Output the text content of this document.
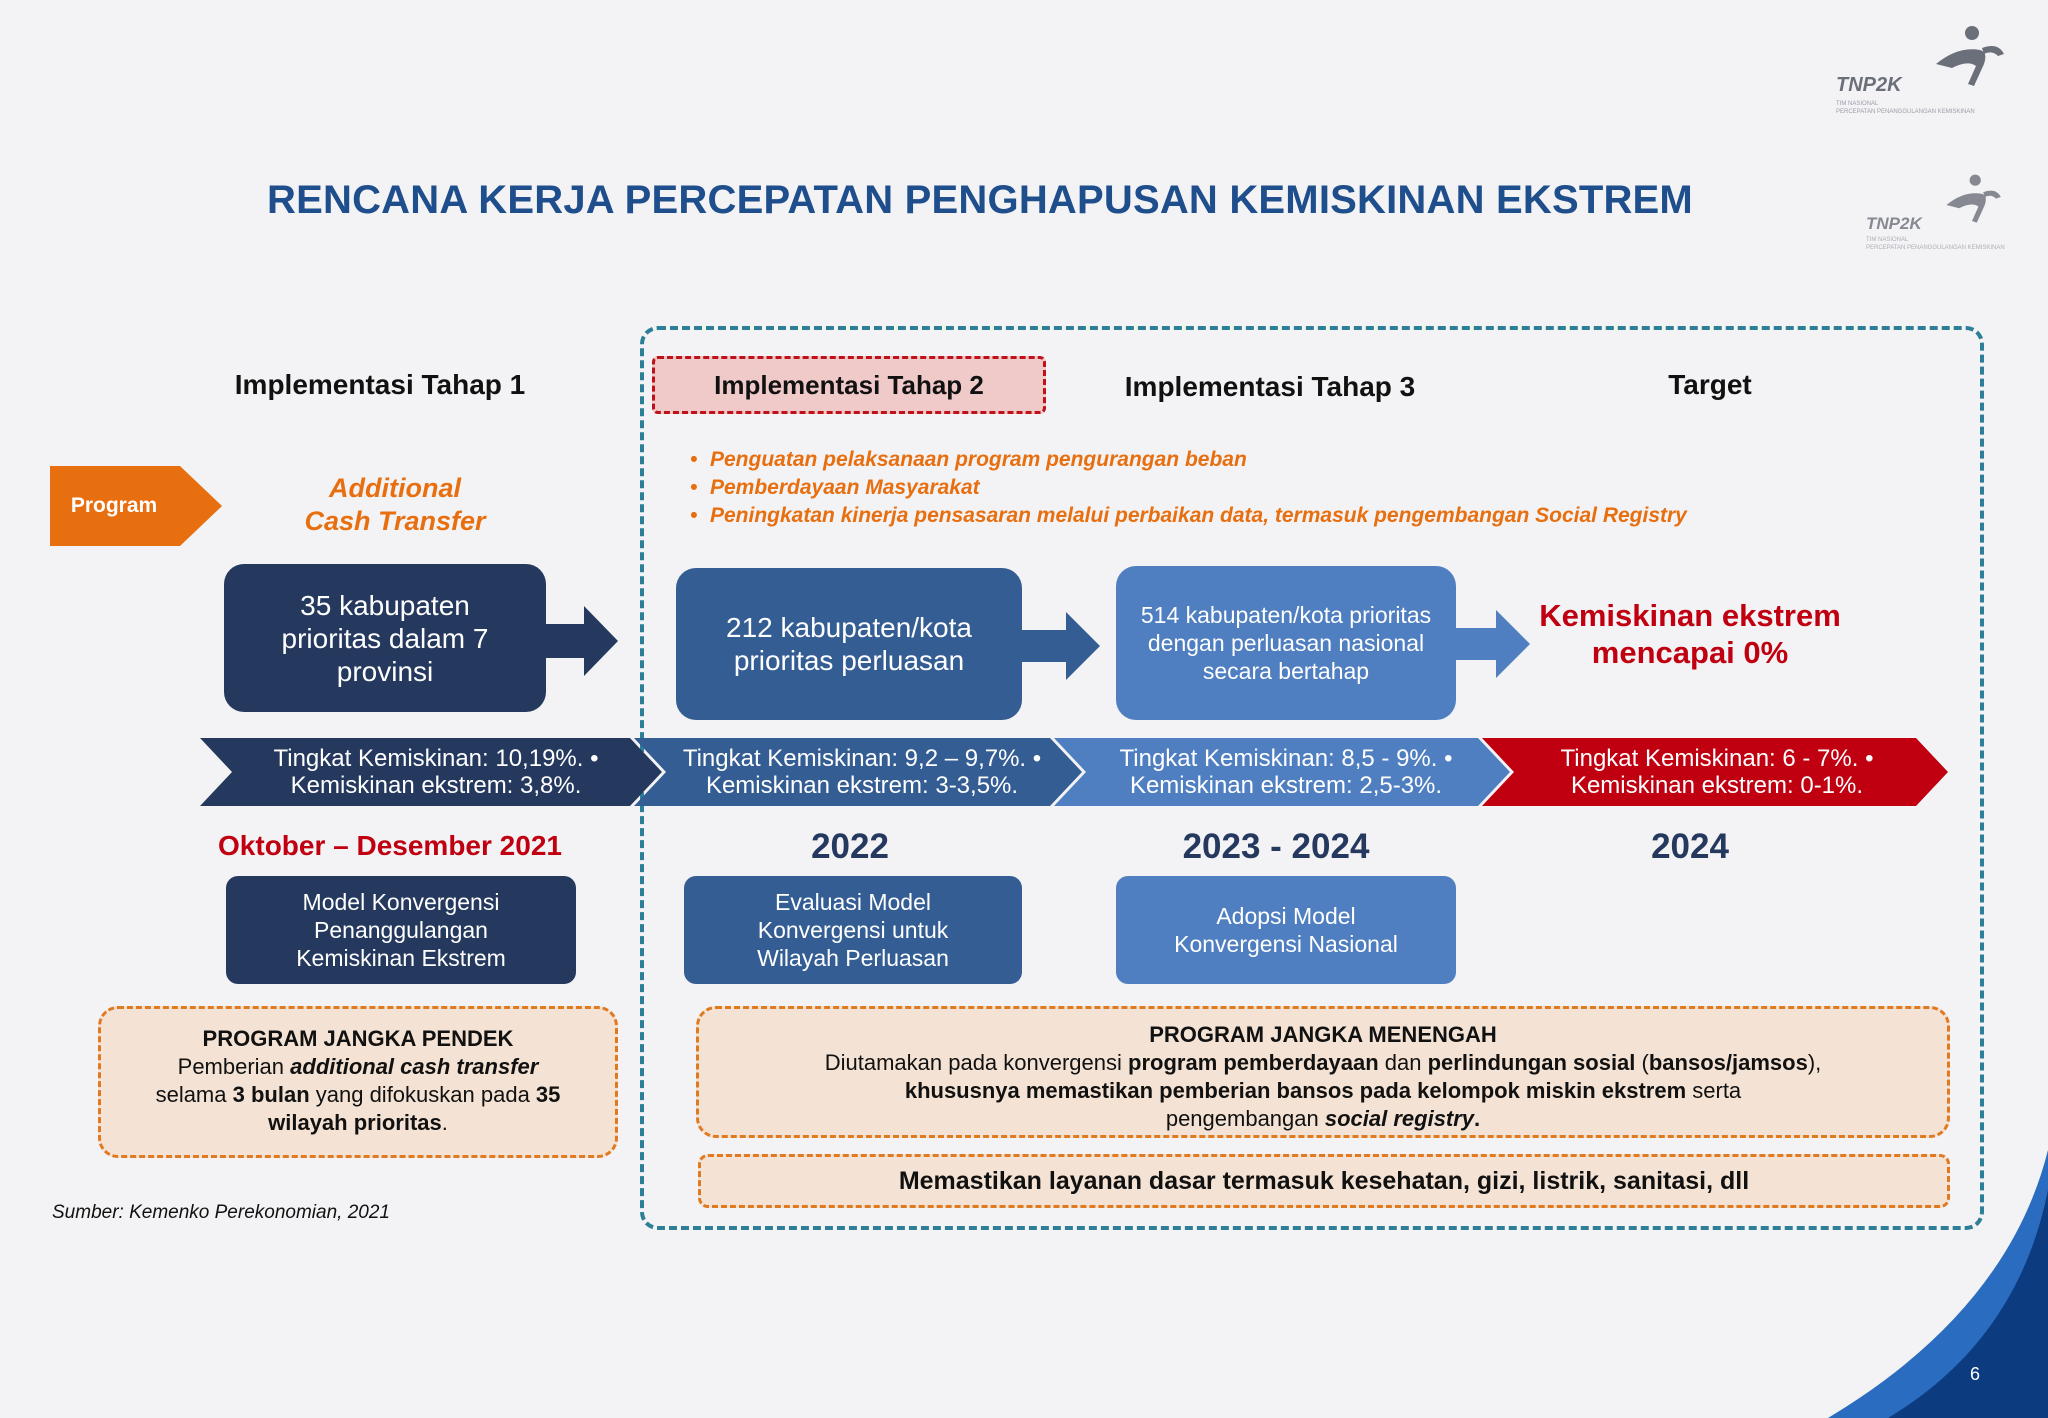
TNP2K
TIM NASIONAL
PERCEPATAN PENANGGULANGAN KEMISKINAN
TNP2K
TIM NASIONAL
PERCEPATAN PENANGGULANGAN KEMISKINAN
RENCANA KERJA PERCEPATAN PENGHAPUSAN KEMISKINAN EKSTREM
Implementasi Tahap 1	Implementasi Tahap 2	Implementasi Tahap 3	Target
Program
Additional
Cash Transfer
• Penguatan pelaksanaan program pengurangan beban
• Pemberdayaan Masyarakat
• Peningkatan kinerja pensasaran melalui perbaikan data, termasuk pengembangan Social Registry
35 kabupaten prioritas dalam 7 provinsi
212 kabupaten/kota prioritas perluasan
514 kabupaten/kota prioritas dengan perluasan nasional secara bertahap
Kemiskinan ekstrem mencapai 0%
Tingkat Kemiskinan: 10,19%. •
Kemiskinan ekstrem: 3,8%.
Tingkat Kemiskinan: 9,2 – 9,7%. •
Kemiskinan ekstrem: 3-3,5%.
Tingkat Kemiskinan: 8,5 - 9%. •
Kemiskinan ekstrem: 2,5-3%.
Tingkat Kemiskinan: 6 - 7%. •
Kemiskinan ekstrem: 0-1%.
Oktober – Desember 2021	2022	2023 - 2024	2024
Model Konvergensi Penanggulangan Kemiskinan Ekstrem
Evaluasi Model Konvergensi untuk Wilayah Perluasan
Adopsi Model Konvergensi Nasional
PROGRAM JANGKA PENDEK
Pemberian additional cash transfer
selama 3 bulan yang difokuskan pada 35 wilayah prioritas.
PROGRAM JANGKA MENENGAH
Diutamakan pada konvergensi program pemberdayaan dan perlindungan sosial (bansos/jamsos),
khususnya memastikan pemberian bansos pada kelompok miskin ekstrem serta
pengembangan social registry.
Memastikan layanan dasar termasuk kesehatan, gizi, listrik, sanitasi, dll
Sumber: Kemenko Perekonomian, 2021
6
